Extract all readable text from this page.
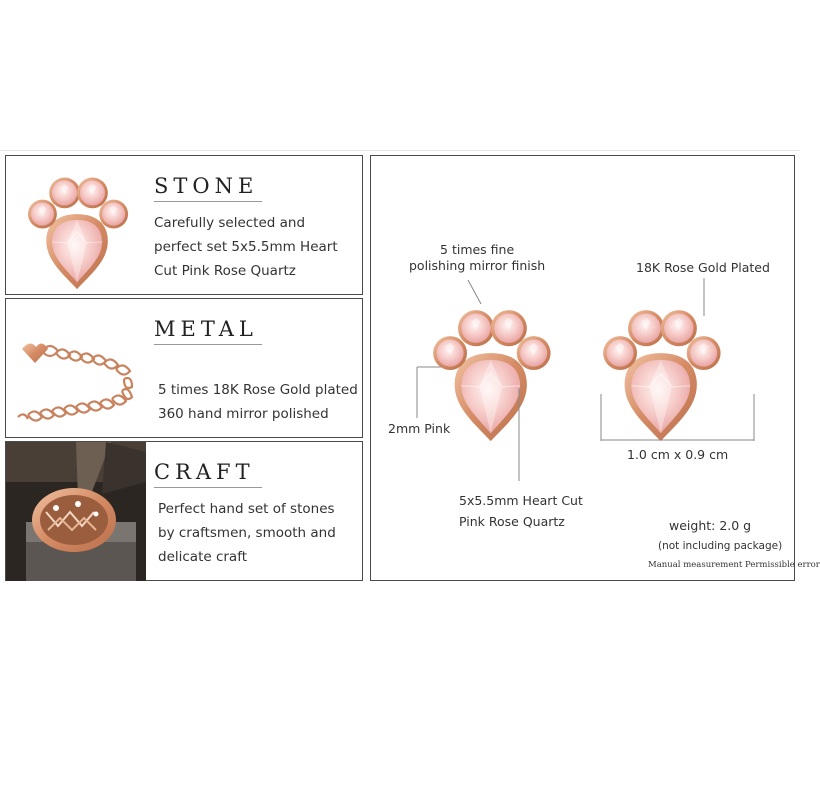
STONE
Carefully selected and
perfect set 5x5.5mm Heart
Cut Pink Rose Quartz
METAL
5 times 18K Rose Gold plated
360 hand mirror polished
CRAFT
Perfect hand set of stones
by craftsmen, smooth and
delicate craft
5 times fine
polishing mirror finish	18K Rose Gold Plated
2mm Pink
1.0 cm x 0.9 cm
5x5.5mm Heart Cut
Pink Rose Quartz	weight: 2.0 g
(not including package)
Manual measurement Permissible error
